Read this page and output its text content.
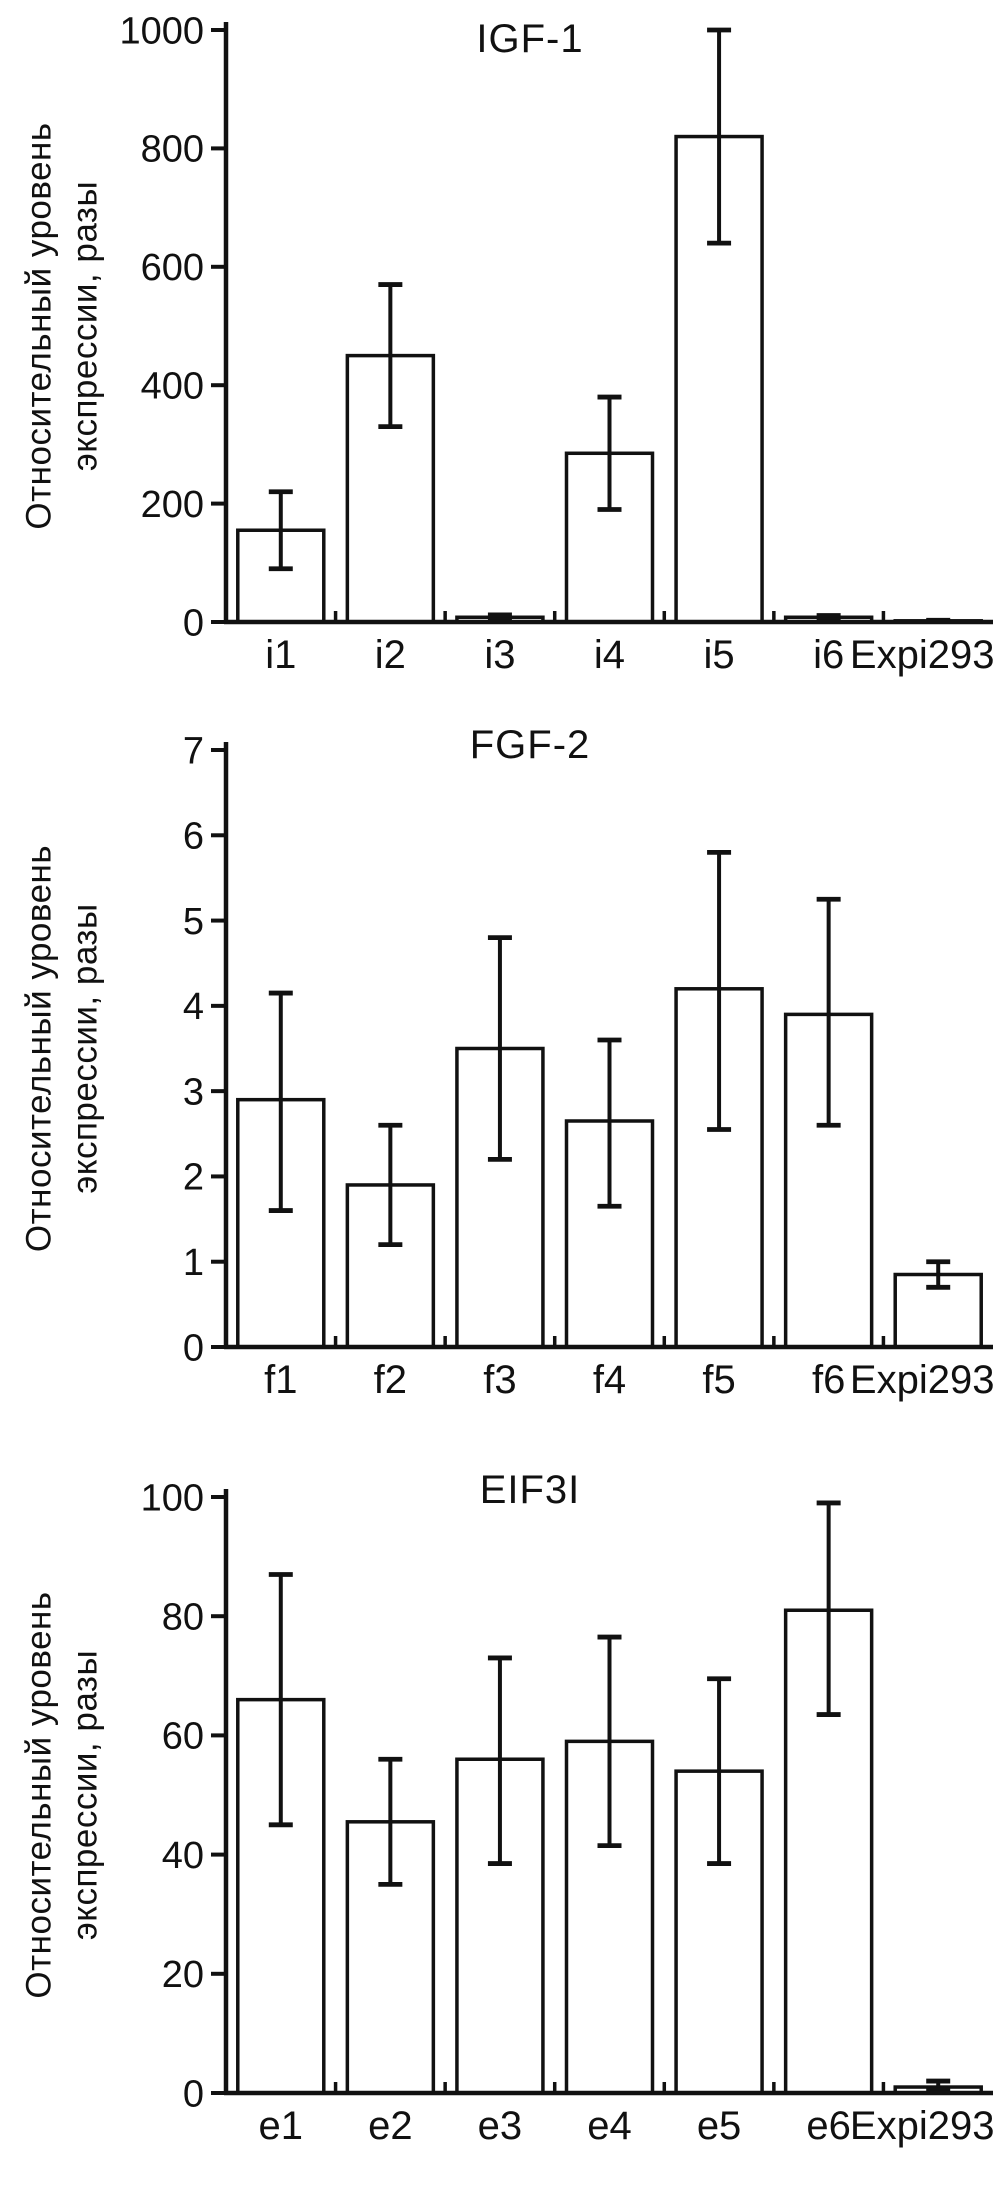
0
200
400
600
800
1000
i1 i2 i3 i4 i5 i6 Expi293
IGF-1
Относительный уровень экспрессии, разы
0
1
2
3
4
5
6
7
f1 f2 f3 f4 f5 f6 Expi293
FGF-2
Относительный уровень экспрессии, разы
0
20
40
60
80
100
e1 e2 e3 e4 e5 e6 Expi293
EIF3I
Относительный уровень экспрессии, разы
